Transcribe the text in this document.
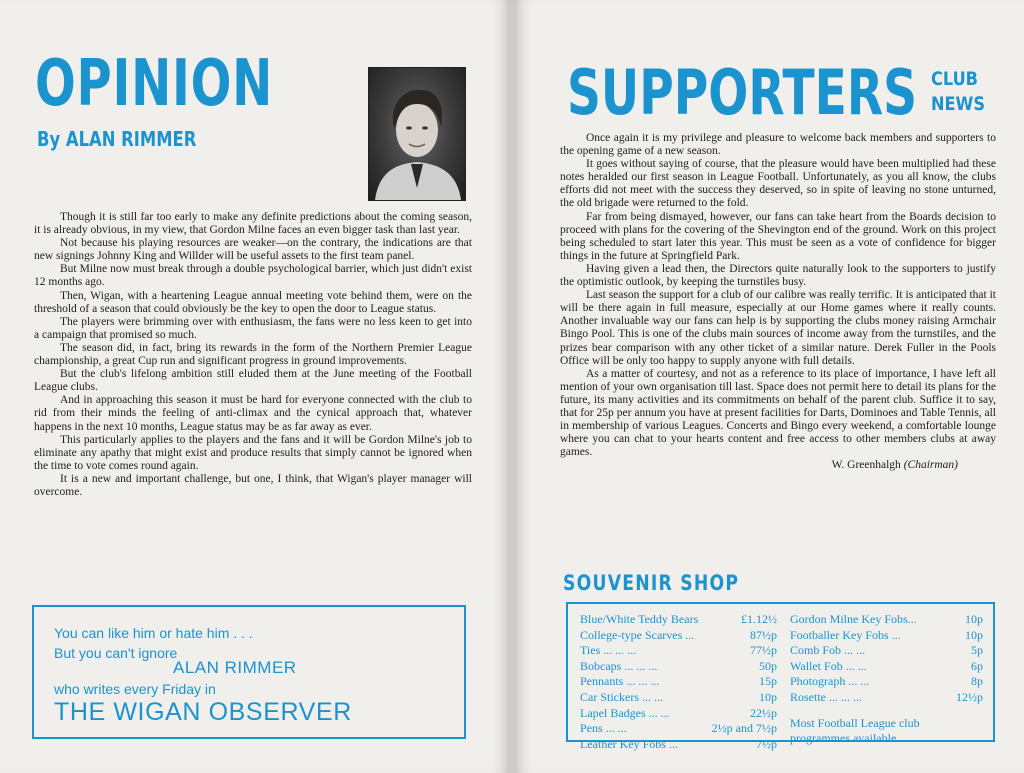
OPINION
By ALAN RIMMER

Though it is still far too early to make any definite predictions about the coming season, it is already obvious, in my view, that Gordon Milne faces an even bigger task than last year.

Not because his playing resources are weaker—on the contrary, the indications are that new signings Johnny King and Willder will be useful assets to the first team panel.

But Milne now must break through a double psychological barrier, which just didn't exist 12 months ago.

Then, Wigan, with a heartening League annual meeting vote behind them, were on the threshold of a season that could obviously be the key to open the door to League status.

The players were brimming over with enthusiasm, the fans were no less keen to get into a campaign that promised so much.

The season did, in fact, bring its rewards in the form of the Northern Premier League championship, a great Cup run and significant progress in ground improvements.

But the club's lifelong ambition still eluded them at the June meeting of the Football League clubs.

And in approaching this season it must be hard for everyone connected with the club to rid from their minds the feeling of anti-climax and the cynical approach that, whatever happens in the next 10 months, League status may be as far away as ever.

This particularly applies to the players and the fans and it will be Gordon Milne's job to eliminate any apathy that might exist and produce results that simply cannot be ignored when the time to vote comes round again.

It is a new and important challenge, but one, I think, that Wigan's player manager will overcome.

You can like him or hate him . . .

But you can't ignore

ALAN RIMMER

who writes every Friday in

THE WIGAN OBSERVER

SUPPORTERS CLUB
NEWS

Once again it is my privilege and pleasure to welcome back members and supporters to the opening game of a new season.

It goes without saying of course, that the pleasure would have been multiplied had these notes heralded our first season in League Football. Unfortunately, as you all know, the clubs efforts did not meet with the success they deserved, so in spite of leaving no stone unturned, the old brigade were returned to the fold.

Far from being dismayed, however, our fans can take heart from the Boards decision to proceed with plans for the covering of the Shevington end of the ground. Work on this project being scheduled to start later this year. This must be seen as a vote of confidence for bigger things in the future at Springfield Park.

Having given a lead then, the Directors quite naturally look to the supporters to justify the optimistic outlook, by keeping the turnstiles busy.

Last season the support for a club of our calibre was really terrific. It is anticipated that it will be there again in full measure, especially at our Home games where it really counts. Another invaluable way our fans can help is by supporting the clubs money raising Armchair Bingo Pool. This is one of the clubs main sources of income away from the turnstiles, and the prizes bear comparison with any other ticket of a similar nature. Derek Fuller in the Pools Office will be only too happy to supply anyone with full details.

As a matter of courtesy, and not as a reference to its place of importance, I have left all mention of your own organisation till last. Space does not permit here to detail its plans for the future, its many activities and its commitments on behalf of the parent club. Suffice it to say, that for 25p per annum you have at present facilities for Darts, Dominoes and Table Tennis, all in membership of various Leagues. Concerts and Bingo every weekend, a comfortable lounge where you can chat to your hearts content and free access to other members clubs at away games.

W. Greenhalgh (Chairman)

SOUVENIR SHOP
Blue/White Teddy Bears	£1.12½
College-type Scarves ...	87½p
Ties ... ... ...	77½p
Bobcaps ... ... ...	50p
Pennants ... ... ...	15p
Car Stickers ... ...	10p
Lapel Badges ... ...	22½p
Pens ... ...	2½p and 7½p
Leather Key Fobs ...	7½p
Gordon Milne Key Fobs...	10p
Footballer Key Fobs ...	10p
Comb Fob ... ...	5p
Wallet Fob ... ...	6p
Photograph ... ...	8p
Rosette ... ... ...	12½p
Most Football League club
programmes available
